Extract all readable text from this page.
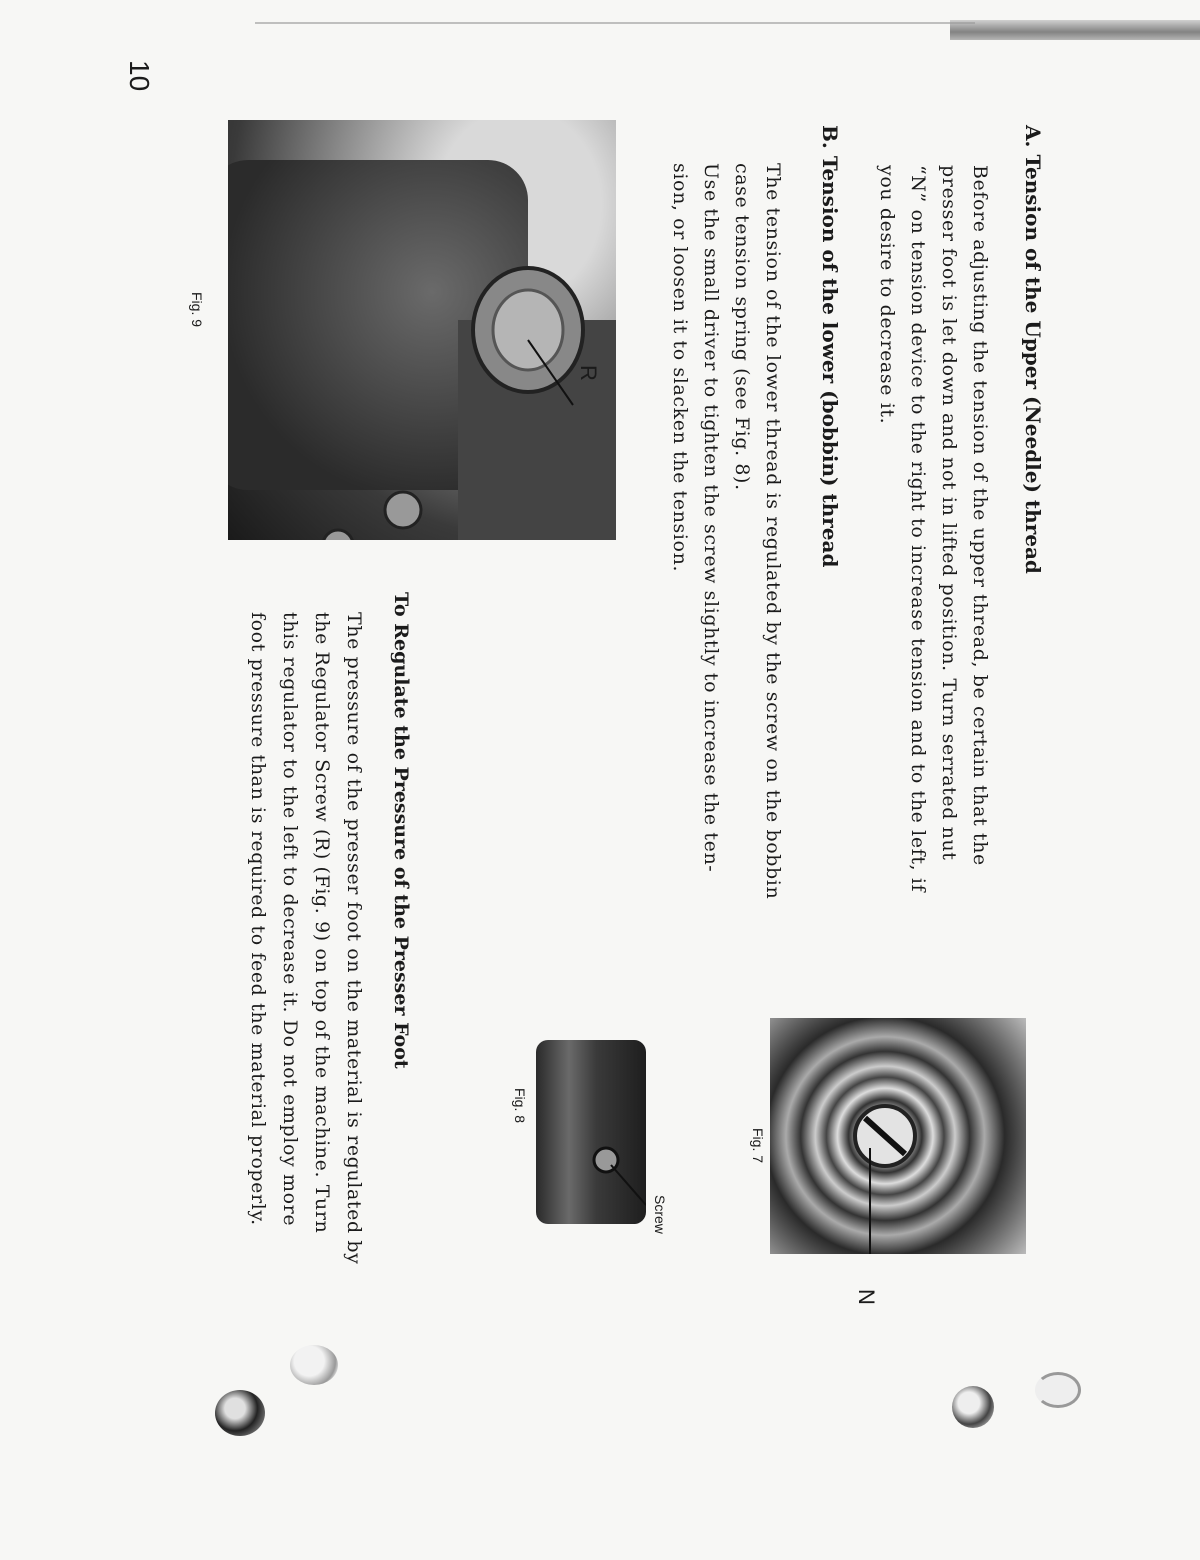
10
A. Tension of the Upper (Needle) thread
Before adjusting the tension of the upper thread, be certain that the
presser foot is let down and not in lifted position. Turn serrated nut
“N” on tension device to the right to increase tension and to the left, if
you desire to decrease it.
B. Tension of the lower (bobbin) thread
The tension of the lower thread is regulated by the screw on the bobbin
case tension spring (see Fig. 8).
Use the small driver to tighten the screw slightly to increase the ten-
sion, or loosen it to slacken the tension.
To Regulate the Pressure of the Presser Foot
The pressure of the presser foot on the material is regulated by
the Regulator Screw (R) (Fig. 9) on top of the machine. Turn
this regulator to the left to decrease it. Do not employ more
foot pressure than is required to feed the material properly.
R
Fig. 9
N
Fig. 7
Screw
Fig. 8
